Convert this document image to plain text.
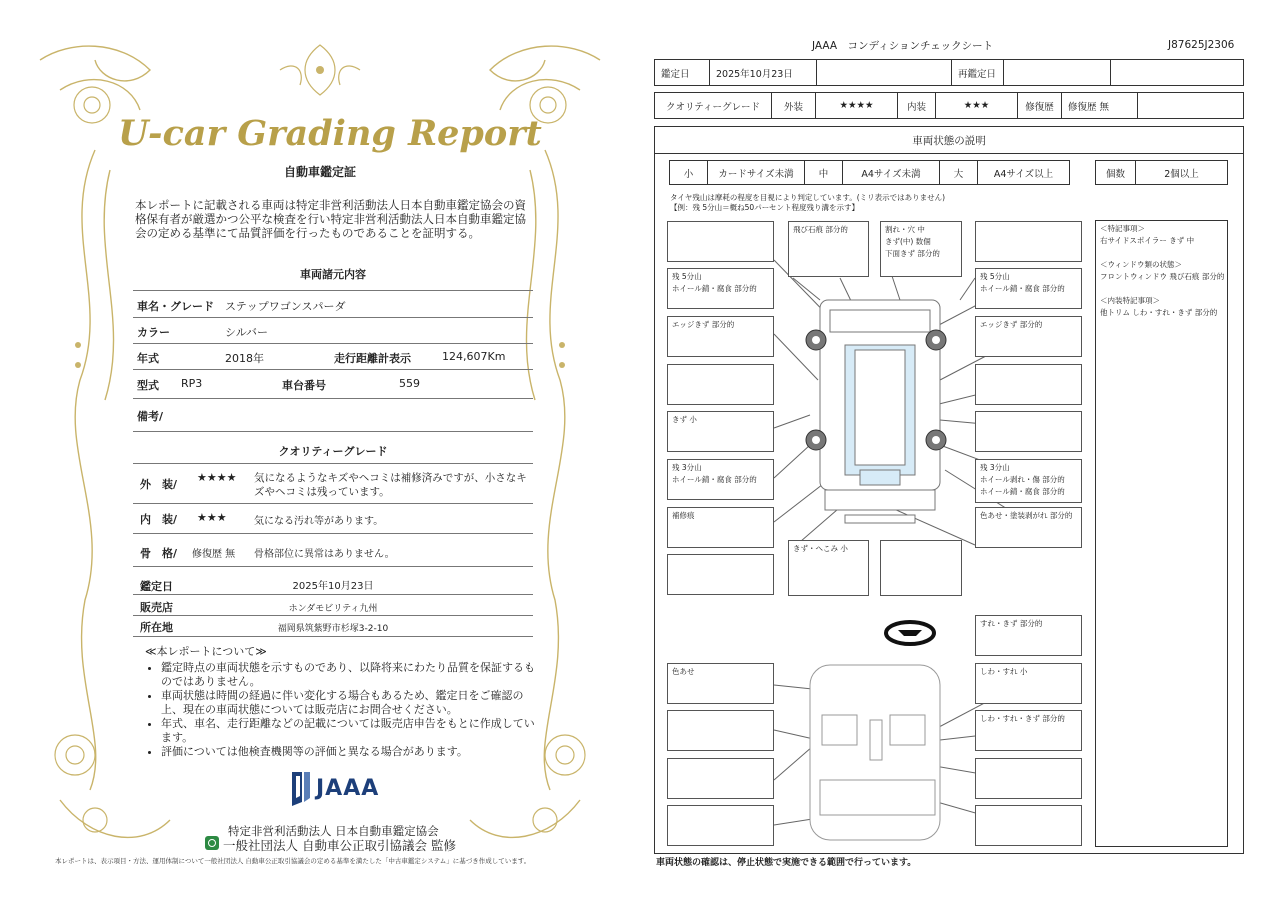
U-car Grading Report
自動車鑑定証
本レポートに記載される車両は特定非営利活動法人日本自動車鑑定協会の資格保有者が厳選かつ公平な検査を行い特定非営利活動法人日本自動車鑑定協会の定める基準にて品質評価を行ったものであることを証明する。
車両諸元内容
車名・グレード ステップワゴンスパーダ
カラー	シルバー
年式	2018年	走行距離計表示	124,607Km
型式 RP3	車台番号	559
備考/
クオリティーグレード
外　装/
★★★★ 気になるようなキズやヘコミは補修済みですが、小さなキズやヘコミは残っています。
内　装/ ★★★	気になる汚れ等があります。
骨　格/ 修復歴 無 骨格部位に異常はありません。
鑑定日	2025年10月23日
販売店	ホンダモビリティ九州
所在地	福岡県筑紫野市杉塚3-2-10
≪本レポートについて≫
• 鑑定時点の車両状態を示すものであり、以降将来にわたり品質を保証するものではありません。
• 車両状態は時間の経過に伴い変化する場合もあるため、鑑定日をご確認の上、現在の車両状態については販売店にお問合せください。
• 年式、車名、走行距離などの記載については販売店申告をもとに作成しています。
• 評価については他検査機関等の評価と異なる場合があります。
JAAA
特定非営利活動法人 日本自動車鑑定協会
一般社団法人 自動車公正取引協議会 監修
本レポートは、表示項目・方法、運用体制について一般社団法人 自動車公正取引協議会の定める基準を満たした「中古車鑑定システム」に基づき作成しています。
JAAA　コンディションチェックシート	J87625J2306
鑑定日	2025年10月23日	再鑑定日
クオリティーグレード	外装	★★★★	内装	★★★	修復歴	修復歴 無
車両状態の説明
小	カードサイズ未満	中	A4サイズ未満	大	A4サイズ以上	個数	2個以上
タイヤ残山は摩耗の程度を目視により判定しています。(ミリ表示ではありません)
【例：残 5分山＝概ね50パーセント程度残り溝を示す】
＜特記事項＞
右サイドスポイラー きず 中

＜ウィンドウ類の状態＞
フロントウィンドウ 飛び石痕 部分的

＜内装特記事項＞
他トリム しわ・すれ・きず 部分的
飛び石痕 部分的	割れ・穴 中
きず(中) 数個
下面きず 部分的
残 5分山
ホイール錆・腐食 部分的
残 5分山
ホイール錆・腐食 部分的
エッジきず 部分的	エッジきず 部分的
きず 小
残 3分山
ホイール錆・腐食 部分的
残 3分山
ホイール剥れ・傷 部分的
ホイール錆・腐食 部分的
補修痕	色あせ・塗装剥がれ 部分的
きず・へこみ 小
すれ・きず 部分的
色あせ	しわ・すれ 小
しわ・すれ・きず 部分的
車両状態の確認は、停止状態で実施できる範囲で行っています。
